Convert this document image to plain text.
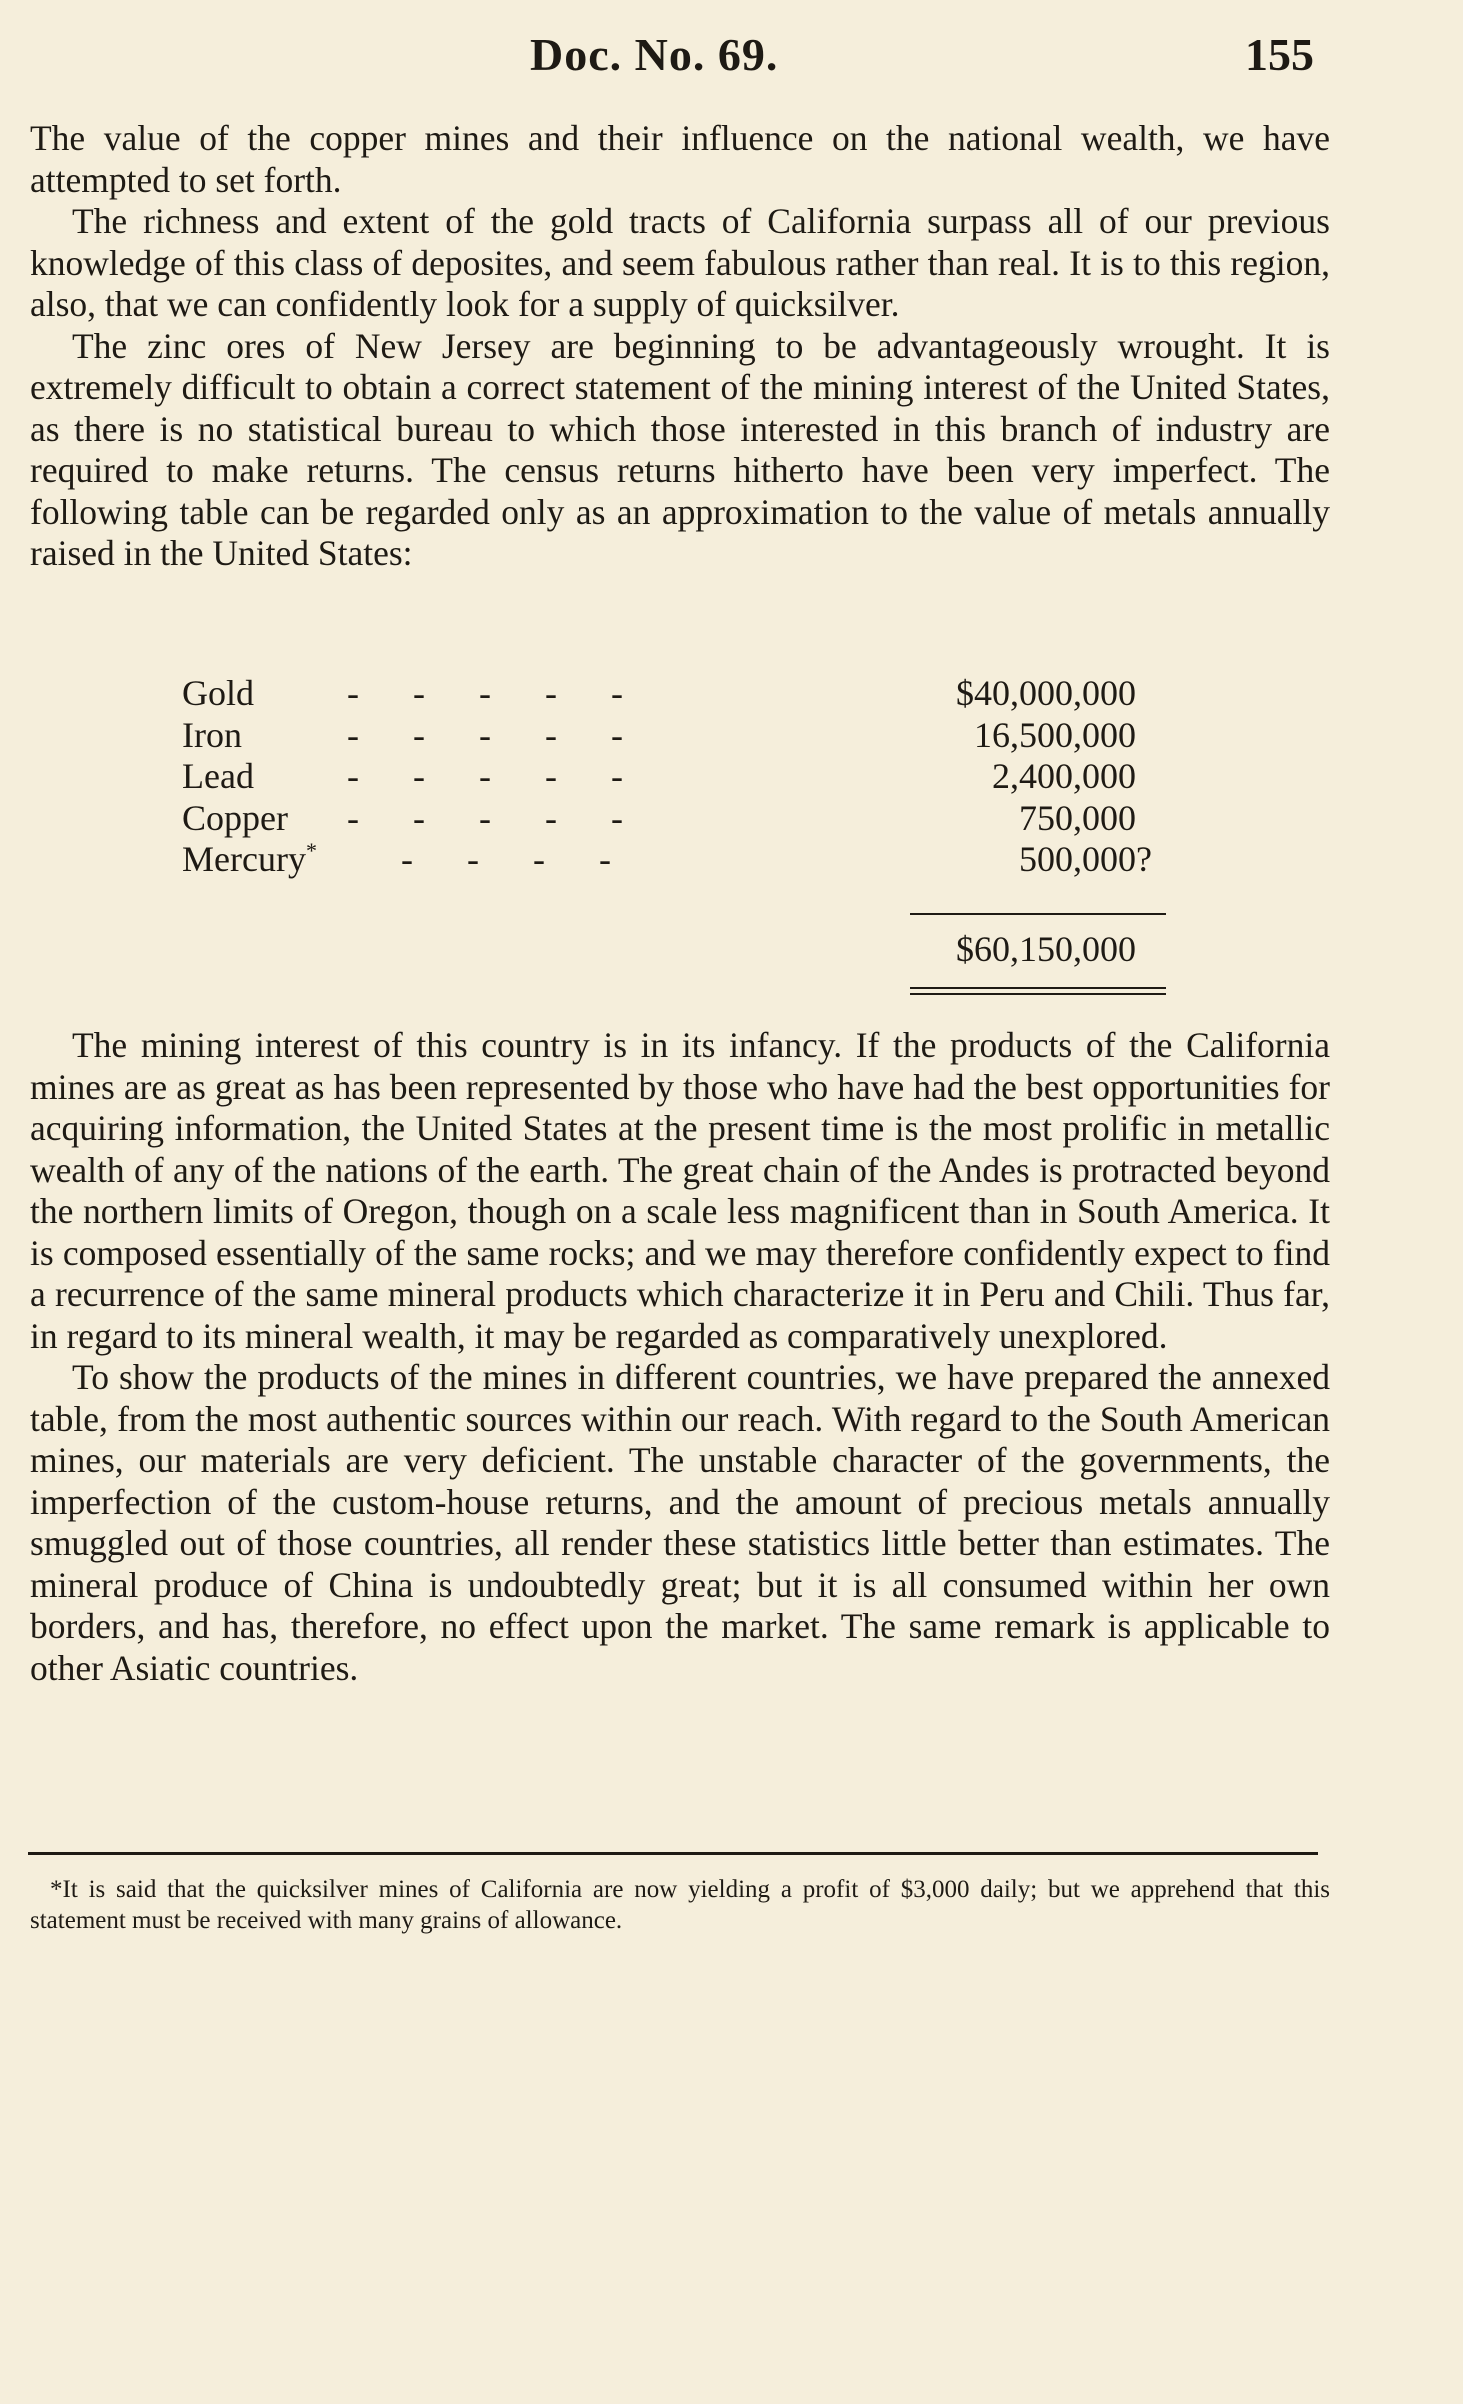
Doc. No. 69.	155

The value of the copper mines and their influence on the national wealth, we have attempted to set forth.

The richness and extent of the gold tracts of California surpass all of our previous knowledge of this class of deposites, and seem fabulous rather than real. It is to this region, also, that we can confidently look for a supply of quicksilver.

The zinc ores of New Jersey are beginning to be advantageously wrought. It is extremely difficult to obtain a correct statement of the mining interest of the United States, as there is no statistical bureau to which those interested in this branch of industry are required to make returns. The census returns hitherto have been very imperfect. The following table can be regarded only as an approximation to the value of metals annually raised in the United States:

Gold -      -      -      -      -	$40,000,000
Iron -      -      -      -      -	16,500,000
Lead -      -      -      -      -	2,400,000
Copper -      -      -      -      -	750,000
Mercury* -      -      -      -	500,000 ?
$60,150,000

The mining interest of this country is in its infancy. If the products of the California mines are as great as has been represented by those who have had the best opportunities for acquiring information, the United States at the present time is the most prolific in metallic wealth of any of the nations of the earth. The great chain of the Andes is protracted beyond the northern limits of Oregon, though on a scale less magnificent than in South America. It is composed essentially of the same rocks; and we may therefore confidently expect to find a recurrence of the same mineral products which characterize it in Peru and Chili. Thus far, in regard to its mineral wealth, it may be regarded as comparatively unexplored.

To show the products of the mines in different countries, we have prepared the annexed table, from the most authentic sources within our reach. With regard to the South American mines, our materials are very deficient. The unstable character of the governments, the imperfection of the custom-house returns, and the amount of precious metals annually smuggled out of those countries, all render these statistics little better than estimates. The mineral produce of China is undoubtedly great; but it is all consumed within her own borders, and has, therefore, no effect upon the market. The same remark is applicable to other Asiatic countries.

*It is said that the quicksilver mines of California are now yielding a profit of $3,000 daily; but we apprehend that this statement must be received with many grains of allowance.
